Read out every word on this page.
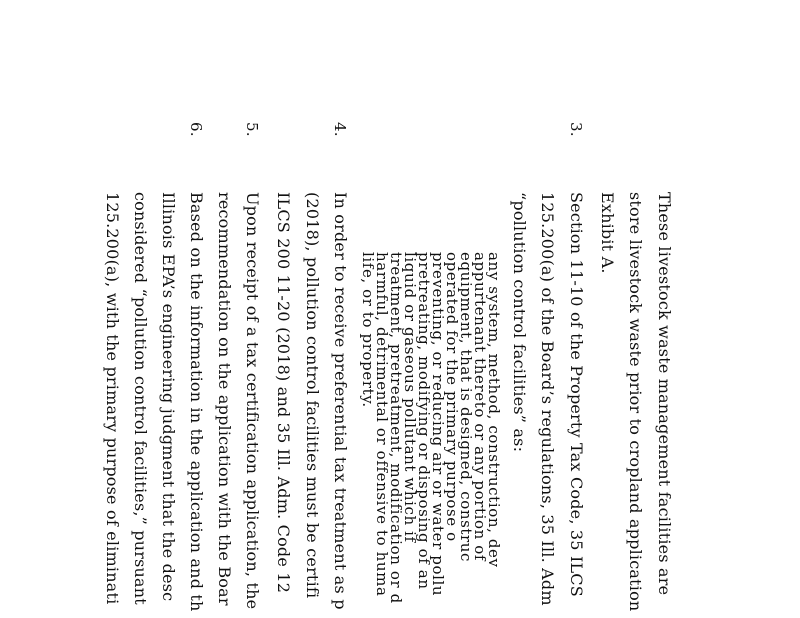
3.
4.
5.
6.
These livestock waste management facilities are
store livestock waste prior to cropland application
Exhibit A.
Section 11-10 of the Property Tax Code, 35 ILCS
125.200(a) of the Board’s regulations, 35 Ill. Adm
“pollution control facilities” as:
any system, method, construction, dev
appurtenant thereto or any portion of
equipment, that is designed, construc
operated for the primary purpose o
preventing, or reducing air or water pollu
pretreating, modifying or disposing of an
liquid or gaseous pollutant which if
treatment, pretreatment, modification or d
harmful, detrimental or offensive to huma
life, or to property.
In order to receive preferential tax treatment as p
(2018), pollution control facilities must be certifi
ILCS 200 11-20 (2018) and 35 Ill. Adm. Code 12
Upon receipt of a tax certification application, the
recommendation on the application with the Boar
Based on the information in the application and th
Illinois EPA’s engineering judgment that the desc
considered “pollution control facilities,” pursuant
125.200(a), with the primary purpose of eliminati
